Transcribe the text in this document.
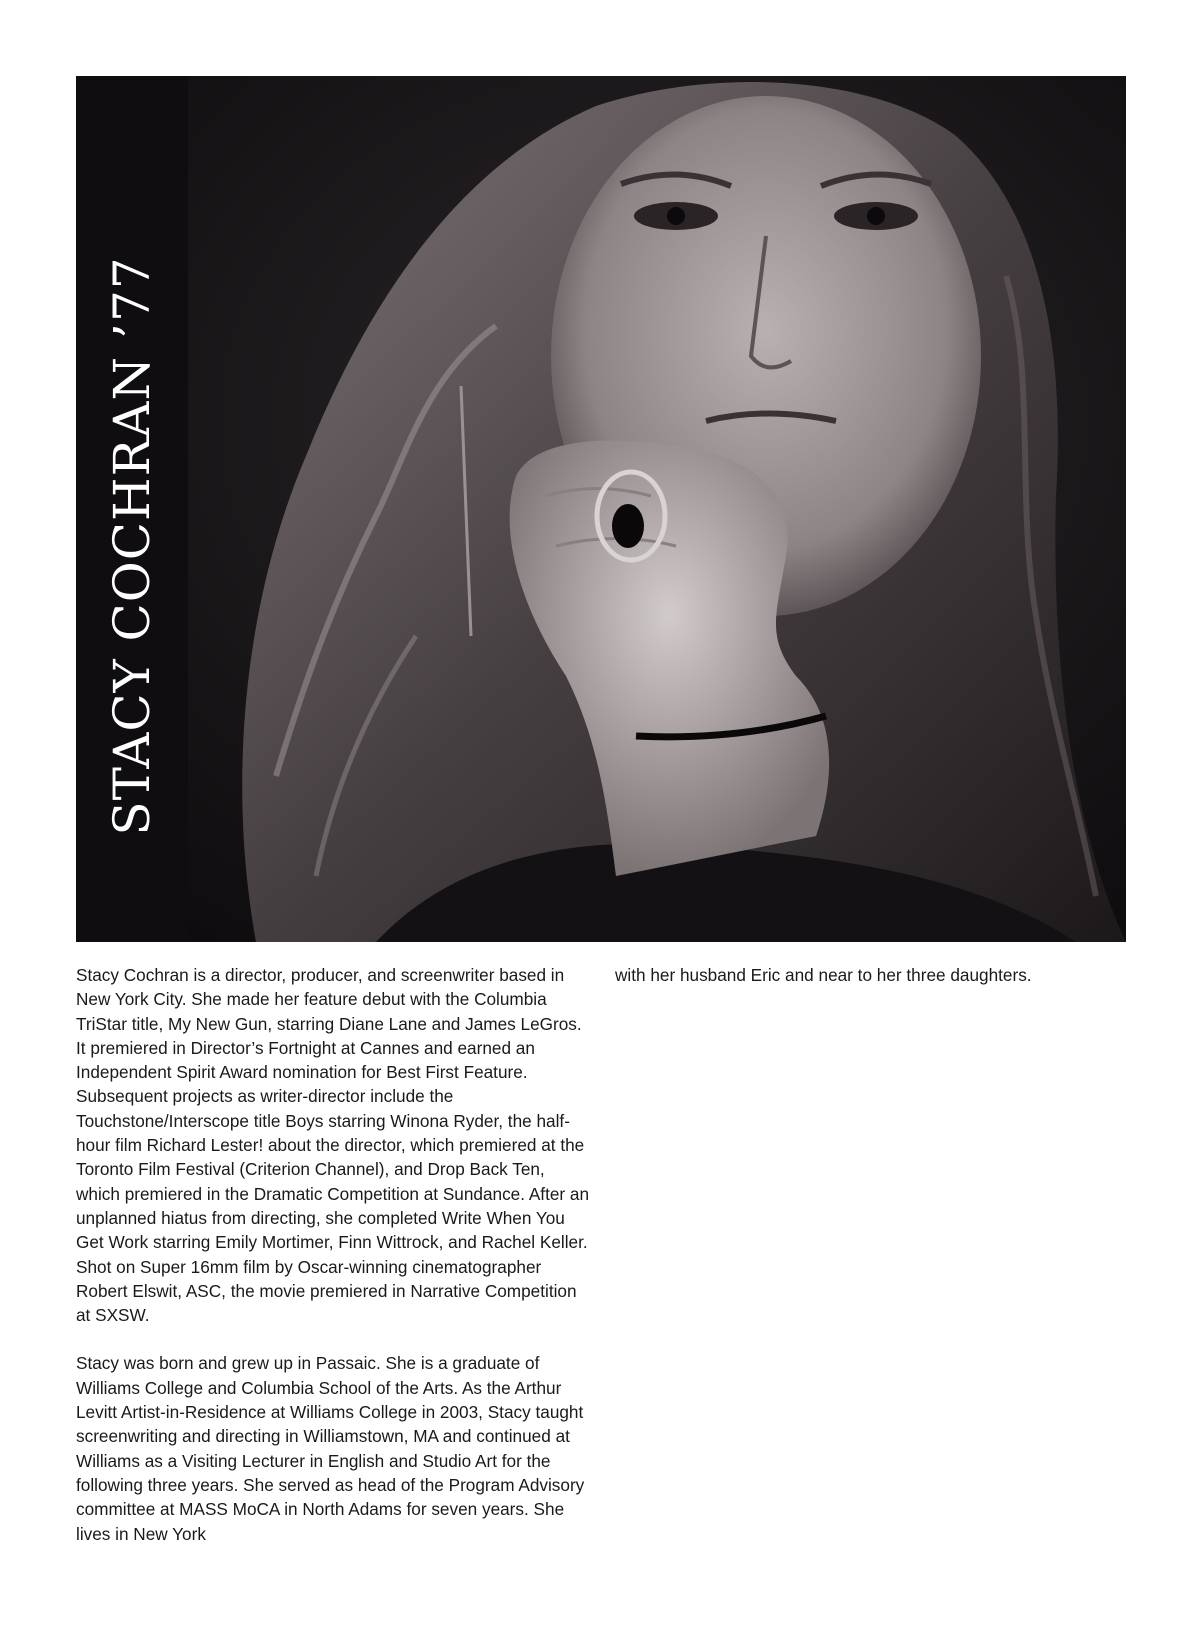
STACY COCHRAN ’77

Stacy Cochran is a director, producer, and screenwriter based in New York City. She made her feature debut with the Columbia TriStar title, My New Gun, starring Diane Lane and James LeGros. It premiered in Director’s Fortnight at Cannes and earned an Independent Spirit Award nomination for Best First Feature. Subsequent projects as writer-director include the Touchstone/Interscope title Boys starring Winona Ryder, the half-hour film Richard Lester! about the director, which premiered at the Toronto Film Festival (Criterion Channel), and Drop Back Ten, which premiered in the Dramatic Competition at Sundance. After an unplanned hiatus from directing, she completed Write When You Get Work starring Emily Mortimer, Finn Wittrock, and Rachel Keller. Shot on Super 16mm film by Oscar-winning cinematographer Robert Elswit, ASC, the movie premiered in Narrative Competition at SXSW.

Stacy was born and grew up in Passaic. She is a graduate of Williams College and Columbia School of the Arts. As the Arthur Levitt Artist-in-Residence at Williams College in 2003, Stacy taught screenwriting and directing in Williamstown, MA and continued at Williams as a Visiting Lecturer in English and Studio Art for the following three years. She served as head of the Program Advisory committee at MASS MoCA in North Adams for seven years. She lives in New York

with her husband Eric and near to her three daughters.
